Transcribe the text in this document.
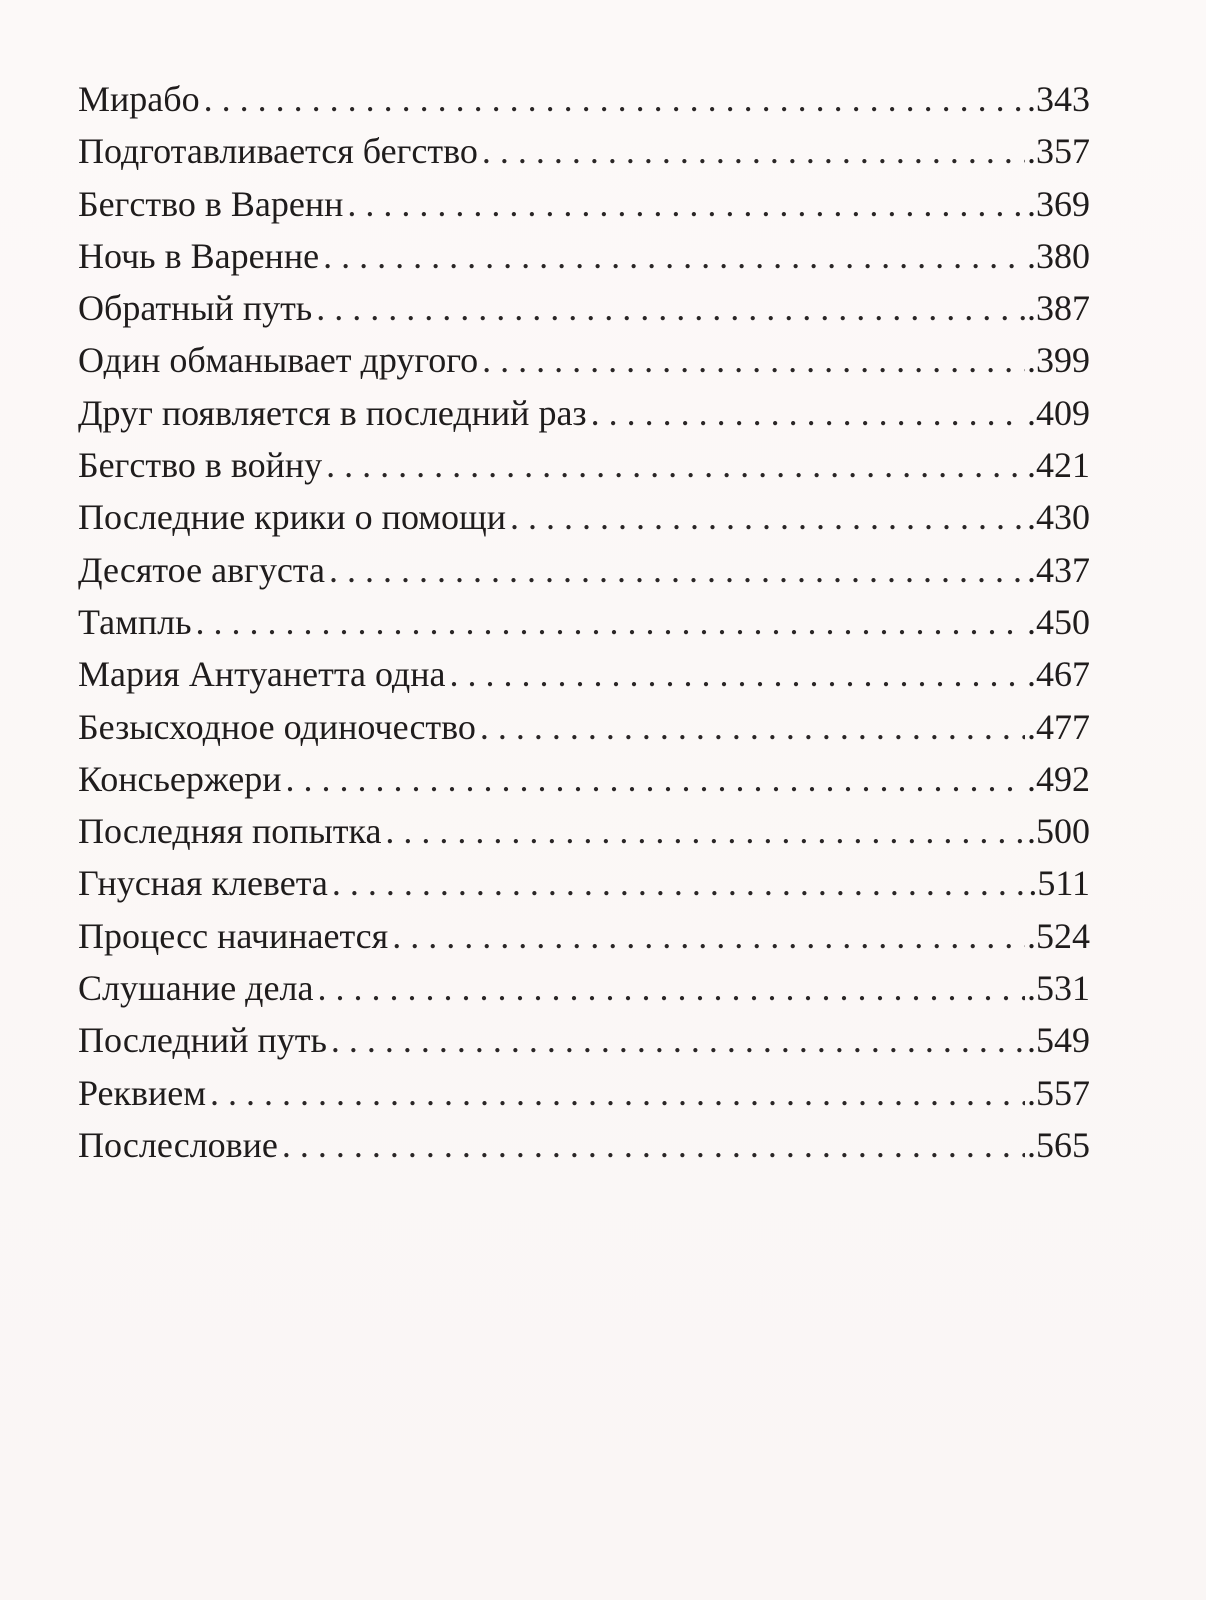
Мирабо . . .	.343
Подготавливается бегство . . .	.357
Бегство в Варенн . . .	.369
Ночь в Варенне . . .	.380
Обратный путь . . .	.387
Один обманывает другого . . .	.399
Друг появляется в последний раз . . .	.409
Бегство в войну . . .	.421
Последние крики о помощи . . .	.430
Десятое августа . . .	.437
Тампль . . .	.450
Мария Антуанетта одна . . .	.467
Безысходное одиночество . . .	.477
Консьержери . . .	.492
Последняя попытка . . .	.500
Гнусная клевета . . .	.511
Процесс начинается . . .	.524
Слушание дела . . .	.531
Последний путь . . .	.549
Реквием . . .	.557
Послесловие . . .	.565
